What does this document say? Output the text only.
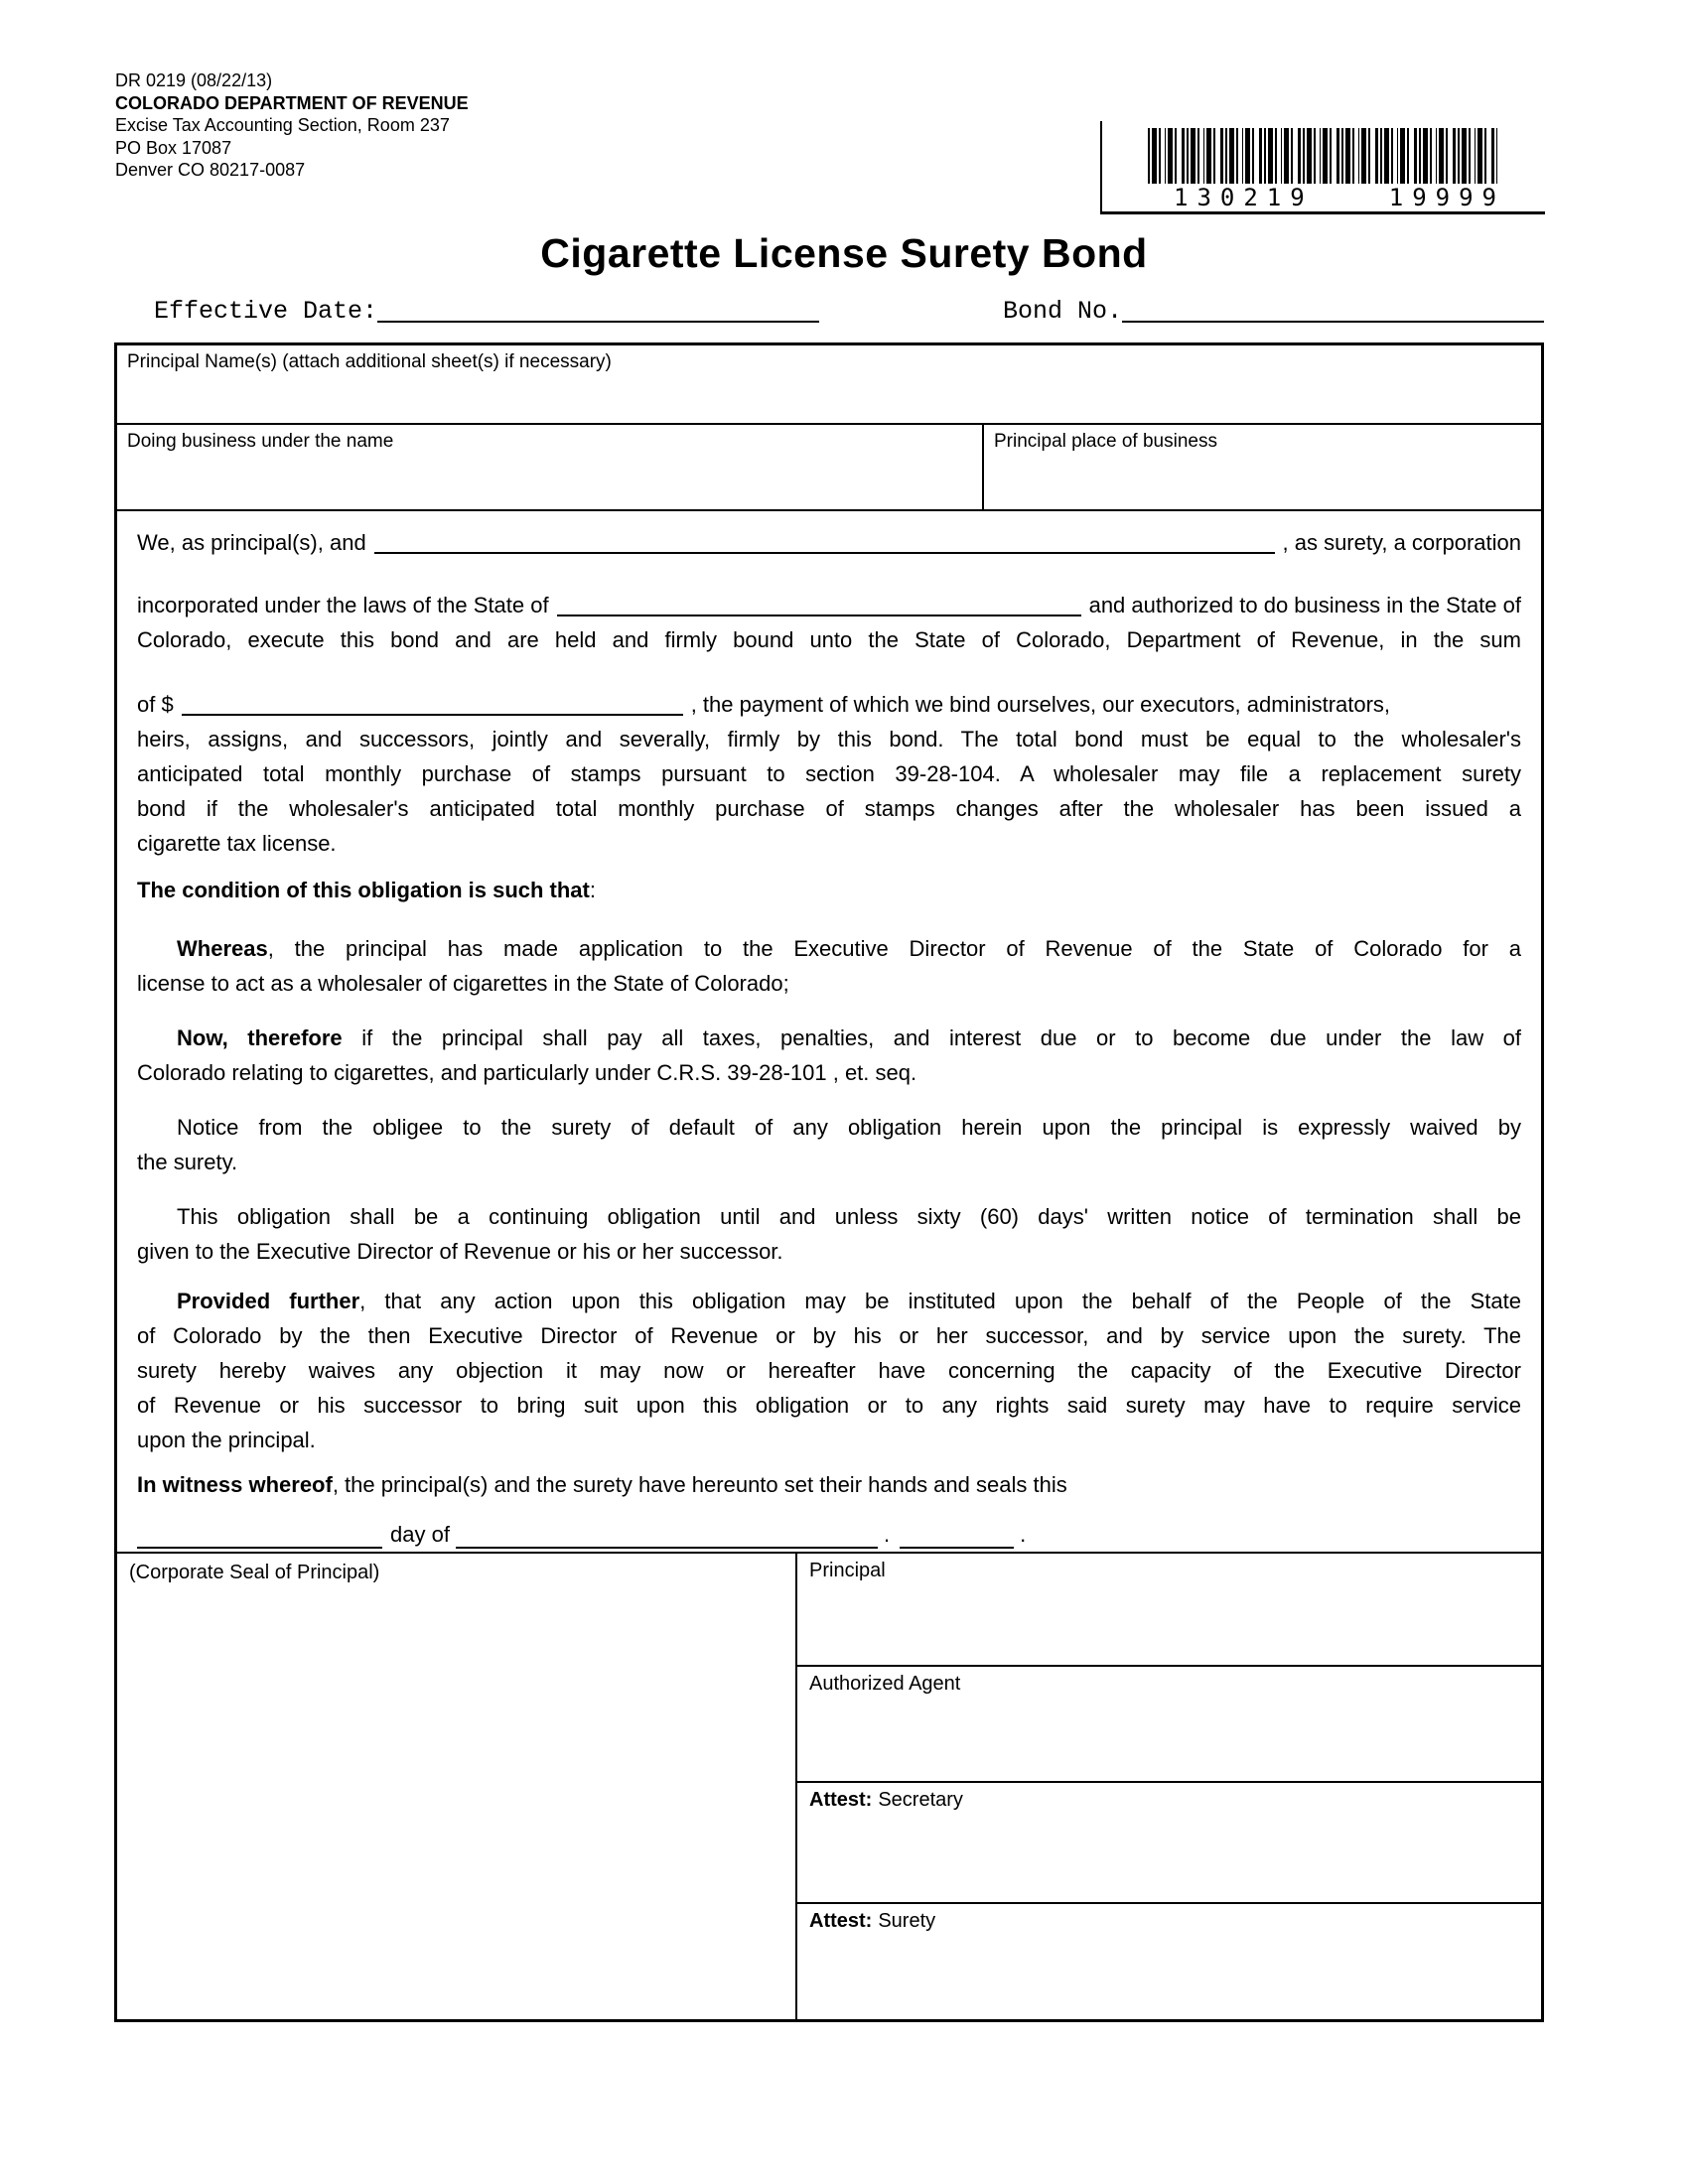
DR 0219 (08/22/13)
COLORADO DEPARTMENT OF REVENUE
Excise Tax Accounting Section, Room 237
PO Box 17087
Denver CO 80217-0087
130219	19999
Cigarette License Surety Bond
Effective Date:	Bond No.
Principal Name(s) (attach additional sheet(s) if necessary)
Doing business under the name	Principal place of business
We, as principal(s), and	, as surety, a corporation
incorporated under the laws of the State of	and authorized to do business in the State of
Colorado, execute this bond and are held and firmly bound unto the State of Colorado, Department of Revenue, in the sum
of $	, the payment of which we bind ourselves, our executors, administrators,
heirs, assigns, and successors, jointly and severally, firmly by this bond. The total bond must be equal to the wholesaler's
anticipated total monthly purchase of stamps pursuant to section 39-28-104. A wholesaler may file a replacement surety
bond if the wholesaler's anticipated total monthly purchase of stamps changes after the wholesaler has been issued a
cigarette tax license.
The condition of this obligation is such that:
Whereas, the principal has made application to the Executive Director of Revenue of the State of Colorado for a
license to act as a wholesaler of cigarettes in the State of Colorado;
Now, therefore if the principal shall pay all taxes, penalties, and interest due or to become due under the law of
Colorado relating to cigarettes, and particularly under C.R.S. 39-28-101 , et. seq.
Notice from the obligee to the surety of default of any obligation herein upon the principal is expressly waived by
the surety.
This obligation shall be a continuing obligation until and unless sixty (60) days' written notice of termination shall be
given to the Executive Director of Revenue or his or her successor.
Provided further, that any action upon this obligation may be instituted upon the behalf of the People of the State
of Colorado by the then Executive Director of Revenue or by his or her successor, and by service upon the surety. The
surety hereby waives any objection it may now or hereafter have concerning the capacity of the Executive Director
of Revenue or his successor to bring suit upon this obligation or to any rights said surety may have to require service
upon the principal.
In witness whereof, the principal(s) and the surety have hereunto set their hands and seals this
day of	.	.
(Corporate Seal of Principal)	Principal
Authorized Agent
Attest: Secretary
Attest: Surety
